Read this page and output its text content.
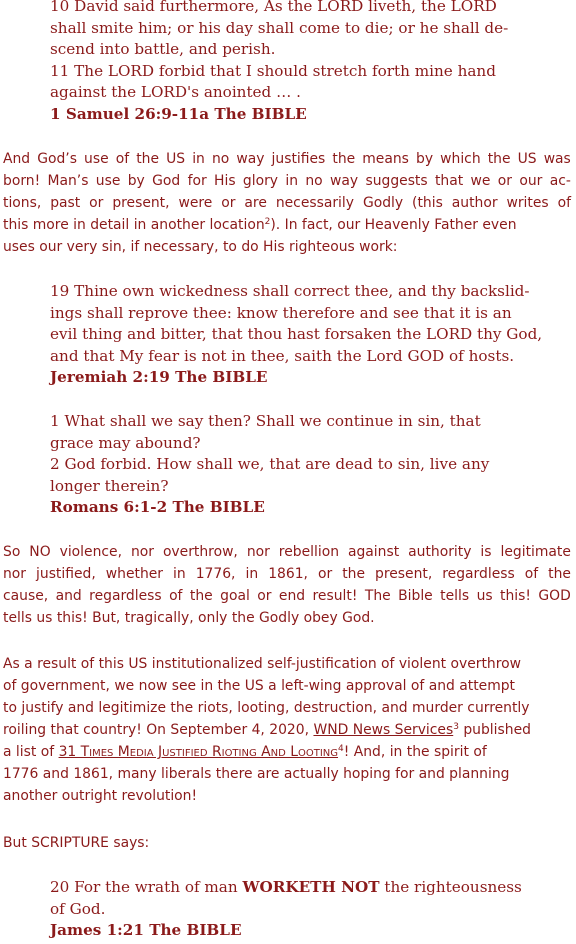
10 David said furthermore, As the LORD liveth, the LORD
shall smite him; or his day shall come to die; or he shall de-
scend into battle, and perish.
11 The LORD forbid that I should stretch forth mine hand
against the LORD's anointed … .
1 Samuel 26:9-11a The BIBLE
And God’s use of the US in no way justifies the means by which the US was
born! Man’s use by God for His glory in no way suggests that we or our ac-
tions, past or present, were or are necessarily Godly (this author writes of
this more in detail in another location$^2$). In fact, our Heavenly Father even
uses our very sin, if necessary, to do His righteous work:
19 Thine own wickedness shall correct thee, and thy backslid-
ings shall reprove thee: know therefore and see that it is an
evil thing and bitter, that thou hast forsaken the LORD thy God,
and that My fear is not in thee, saith the Lord GOD of hosts.
Jeremiah 2:19 The BIBLE
1 What shall we say then? Shall we continue in sin, that
grace may abound?
2 God forbid. How shall we, that are dead to sin, live any
longer therein?
Romans 6:1-2 The BIBLE
So NO violence, nor overthrow, nor rebellion against authority is legitimate
nor justified, whether in 1776, in 1861, or the present, regardless of the
cause, and regardless of the goal or end result! The Bible tells us this! GOD
tells us this! But, tragically, only the Godly obey God.
As a result of this US institutionalized self-justification of violent overthrow
of government, we now see in the US a left-wing approval of and attempt
to justify and legitimize the riots, looting, destruction, and murder currently
roiling that country! On September 4, 2020, WND News Services$^3$ published
a list of 31 Times Media Justified Rioting And Looting$^4$! And, in the spirit of
1776 and 1861, many liberals there are actually hoping for and planning
another outright revolution!
But SCRIPTURE says:
20 For the wrath of man WORKETH NOT the righteousness
of God.
James 1:21 The BIBLE
